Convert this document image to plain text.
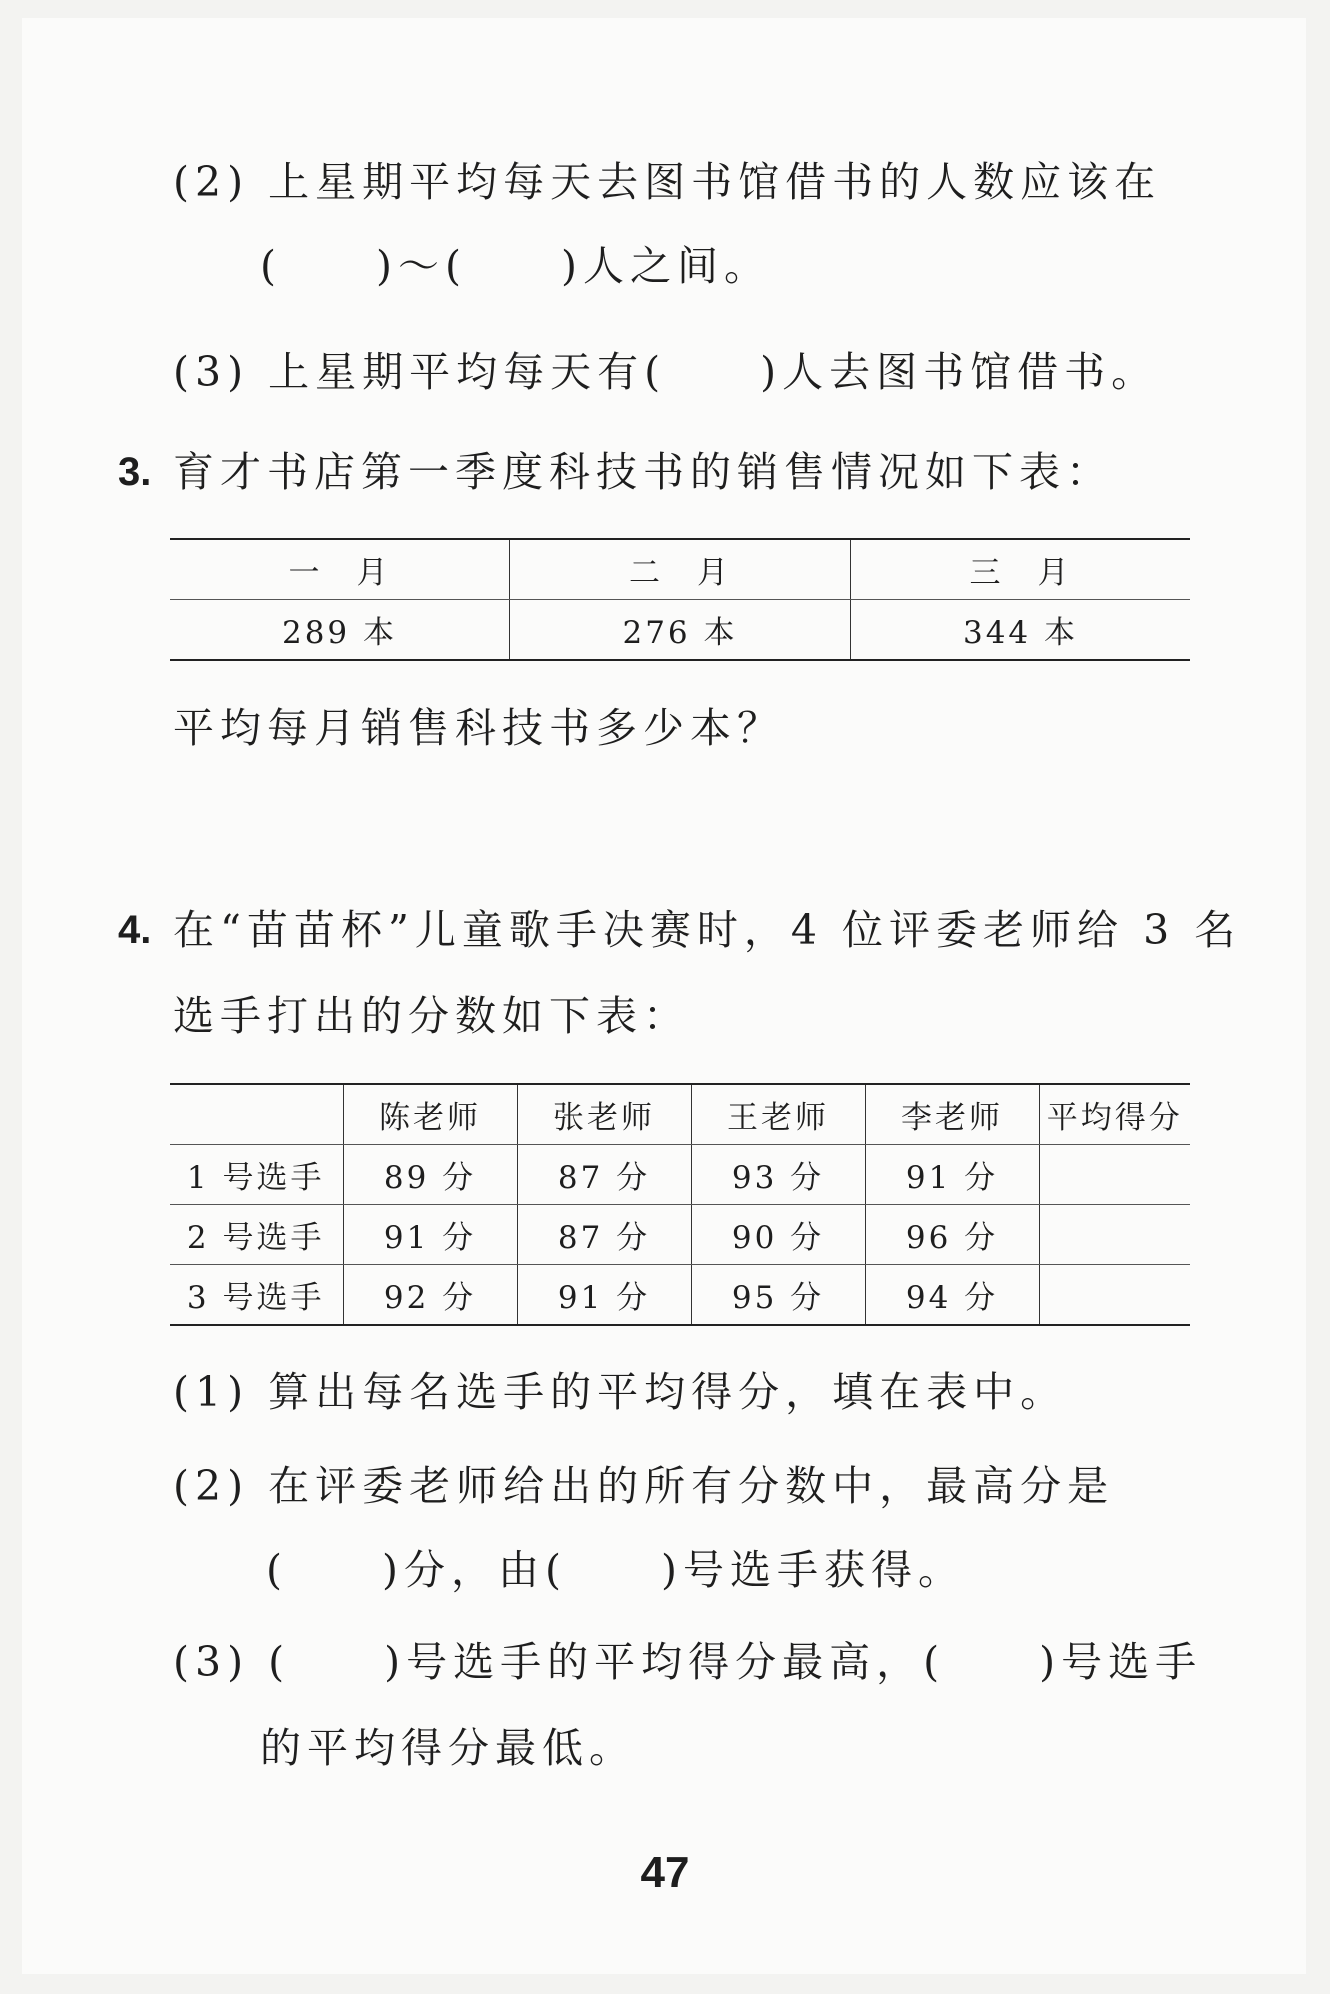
(2) 上星期平均每天去图书馆借书的人数应该在
(　　)～(　　)人之间。
(3) 上星期平均每天有(　　)人去图书馆借书。
3. 育才书店第一季度科技书的销售情况如下表：
一　月	二　月	三　月
289 本	276 本	344 本
平均每月销售科技书多少本？
4. 在“苗苗杯”儿童歌手决赛时，4 位评委老师给 3 名
选手打出的分数如下表：
	陈老师	张老师	王老师	李老师	平均得分
1 号选手	89 分	87 分	93 分	91 分	
2 号选手	91 分	87 分	90 分	96 分	
3 号选手	92 分	91 分	95 分	94 分	
(1) 算出每名选手的平均得分，填在表中。
(2) 在评委老师给出的所有分数中，最高分是
(　　)分，由(　　)号选手获得。
(3) (　　)号选手的平均得分最高，(　　)号选手
的平均得分最低。
47
